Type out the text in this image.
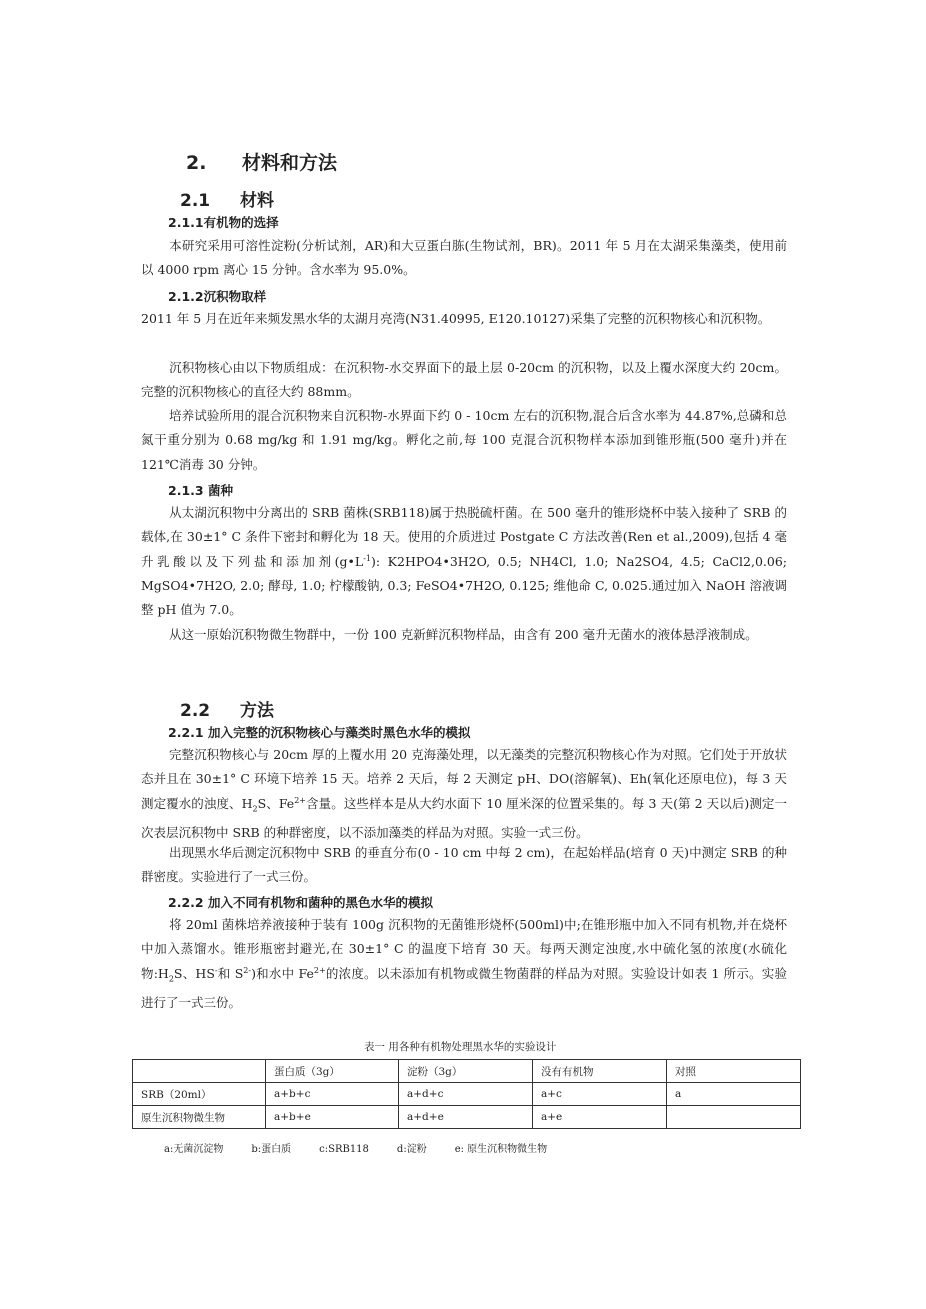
2. 材料和方法
2.1 材料
2.1.1有机物的选择
本研究采用可溶性淀粉(分析试剂，AR)和大豆蛋白胨(生物试剂，BR)。2011 年 5 月在太湖采集藻类，使用前以 4000 rpm 离心 15 分钟。含水率为 95.0%。
2.1.2沉积物取样
2011 年 5 月在近年来频发黑水华的太湖月亮湾(N31.40995, E120.10127)采集了完整的沉积物核心和沉积物。
沉积物核心由以下物质组成：在沉积物-水交界面下的最上层 0-20cm 的沉积物，以及上覆水深度大约 20cm。完整的沉积物核心的直径大约 88mm。
培养试验所用的混合沉积物来自沉积物-水界面下约 0 - 10cm 左右的沉积物,混合后含水率为 44.87%,总磷和总氮干重分别为 0.68 mg/kg 和 1.91 mg/kg。孵化之前,每 100 克混合沉积物样本添加到锥形瓶(500 毫升)并在 121℃消毒 30 分钟。
2.1.3 菌种
从太湖沉积物中分离出的 SRB 菌株(SRB118)属于热脱硫杆菌。在 500 毫升的锥形烧杯中装入接种了 SRB 的载体,在 30±1° C 条件下密封和孵化为 18 天。使用的介质进过 Postgate C 方法改善(Ren et al.,2009),包括 4 毫升乳酸以及下列盐和添加剂$(g•L^{-1})$: K2HPO4•3H2O, 0.5; NH4Cl, 1.0; Na2SO4, 4.5; CaCl2,0.06; MgSO4•7H2O, 2.0; 酵母, 1.0; 柠檬酸钠, 0.3; FeSO4•7H2O, 0.125; 维他命 C, 0.025.通过加入 NaOH 溶液调整 pH 值为 7.0。
从这一原始沉积物微生物群中，一份 100 克新鲜沉积物样品，由含有 200 毫升无菌水的液体悬浮液制成。
2.2 方法
2.2.1 加入完整的沉积物核心与藻类时黑色水华的模拟
完整沉积物核心与 20cm 厚的上覆水用 20 克海藻处理，以无藻类的完整沉积物核心作为对照。它们处于开放状态并且在 30±1° C 环境下培养 15 天。培养 2 天后，每 2 天测定 pH、DO(溶解氧)、Eh(氧化还原电位)，每 3 天测定覆水的浊度、$H_2S$、$Fe^{2+}$含量。这些样本是从大约水面下 10 厘米深的位置采集的。每 3 天(第 2 天以后)测定一次表层沉积物中 SRB 的种群密度，以不添加藻类的样品为对照。实验一式三份。
出现黑水华后测定沉积物中 SRB 的垂直分布(0 - 10 cm 中每 2 cm)，在起始样品(培育 0 天)中测定 SRB 的种群密度。实验进行了一式三份。
2.2.2 加入不同有机物和菌种的黑色水华的模拟
将 20ml 菌株培养液接种于装有 100g 沉积物的无菌锥形烧杯(500ml)中;在锥形瓶中加入不同有机物,并在烧杯中加入蒸馏水。锥形瓶密封避光,在 30±1° C 的温度下培育 30 天。每两天测定浊度,水中硫化氢的浓度(水硫化物$:H_2S$、HS-和 $S^{2-}$)和水中 $Fe^{2+}$的浓度。以未添加有机物或微生物菌群的样品为对照。实验设计如表 1 所示。实验进行了一式三份。
表一 用各种有机物处理黑水华的实验设计
	蛋白质（3g）	淀粉（3g）	没有有机物	对照
SRB（20ml）	a+b+c	a+d+c	a+c	a
原生沉积物微生物	a+b+e	a+d+e	a+e	
a:无菌沉淀物	b:蛋白质	c:SRB118	d:淀粉	e: 原生沉积物微生物
